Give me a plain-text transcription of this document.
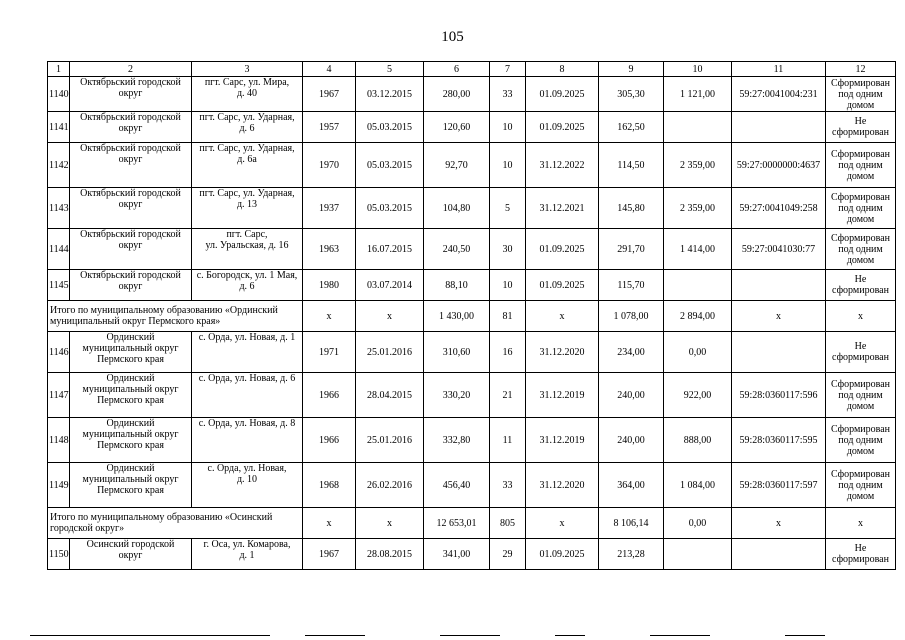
105
1	2	3	4	5	6	7	8	9	10	11	12
1140	Октябрьский городской
округ	пгт. Сарс, ул. Мира,
д. 40	1967	03.12.2015	280,00	33	01.09.2025	305,30	1 121,00	59:27:0041004:231	Сформирован
под одним
домом
1141	Октябрьский городской
округ	пгт. Сарс, ул. Ударная,
д. 6	1957	05.03.2015	120,60	10	01.09.2025	162,50			Не
сформирован
1142	Октябрьский городской
округ	пгт. Сарс, ул. Ударная,
д. 6а	1970	05.03.2015	92,70	10	31.12.2022	114,50	2 359,00	59:27:0000000:4637	Сформирован
под одним
домом
1143	Октябрьский городской
округ	пгт. Сарс, ул. Ударная,
д. 13	1937	05.03.2015	104,80	5	31.12.2021	145,80	2 359,00	59:27:0041049:258	Сформирован
под одним
домом
1144	Октябрьский городской
округ	пгт. Сарс,
ул. Уральская, д. 16	1963	16.07.2015	240,50	30	01.09.2025	291,70	1 414,00	59:27:0041030:77	Сформирован
под одним
домом
1145	Октябрьский городской
округ	с. Богородск, ул. 1 Мая,
д. 6	1980	03.07.2014	88,10	10	01.09.2025	115,70			Не
сформирован
Итого по муниципальному образованию «Ординский
муниципальный округ Пермского края»			x	x	1 430,00	81	x	1 078,00	2 894,00	x	x
1146	Ординский
муниципальный округ
Пермского края	с. Орда, ул. Новая, д. 1	1971	25.01.2016	310,60	16	31.12.2020	234,00	0,00		Не
сформирован
1147	Ординский
муниципальный округ
Пермского края	с. Орда, ул. Новая, д. 6	1966	28.04.2015	330,20	21	31.12.2019	240,00	922,00	59:28:0360117:596	Сформирован
под одним
домом
1148	Ординский
муниципальный округ
Пермского края	с. Орда, ул. Новая, д. 8	1966	25.01.2016	332,80	11	31.12.2019	240,00	888,00	59:28:0360117:595	Сформирован
под одним
домом
1149	Ординский
муниципальный округ
Пермского края	с. Орда, ул. Новая,
д. 10	1968	26.02.2016	456,40	33	31.12.2020	364,00	1 084,00	59:28:0360117:597	Сформирован
под одним
домом
Итого по муниципальному образованию «Осинский
городской округ»			x	x	12 653,01	805	x	8 106,14	0,00	x	x
1150	Осинский городской
округ	г. Оса, ул. Комарова,
д. 1	1967	28.08.2015	341,00	29	01.09.2025	213,28			Не
сформирован
